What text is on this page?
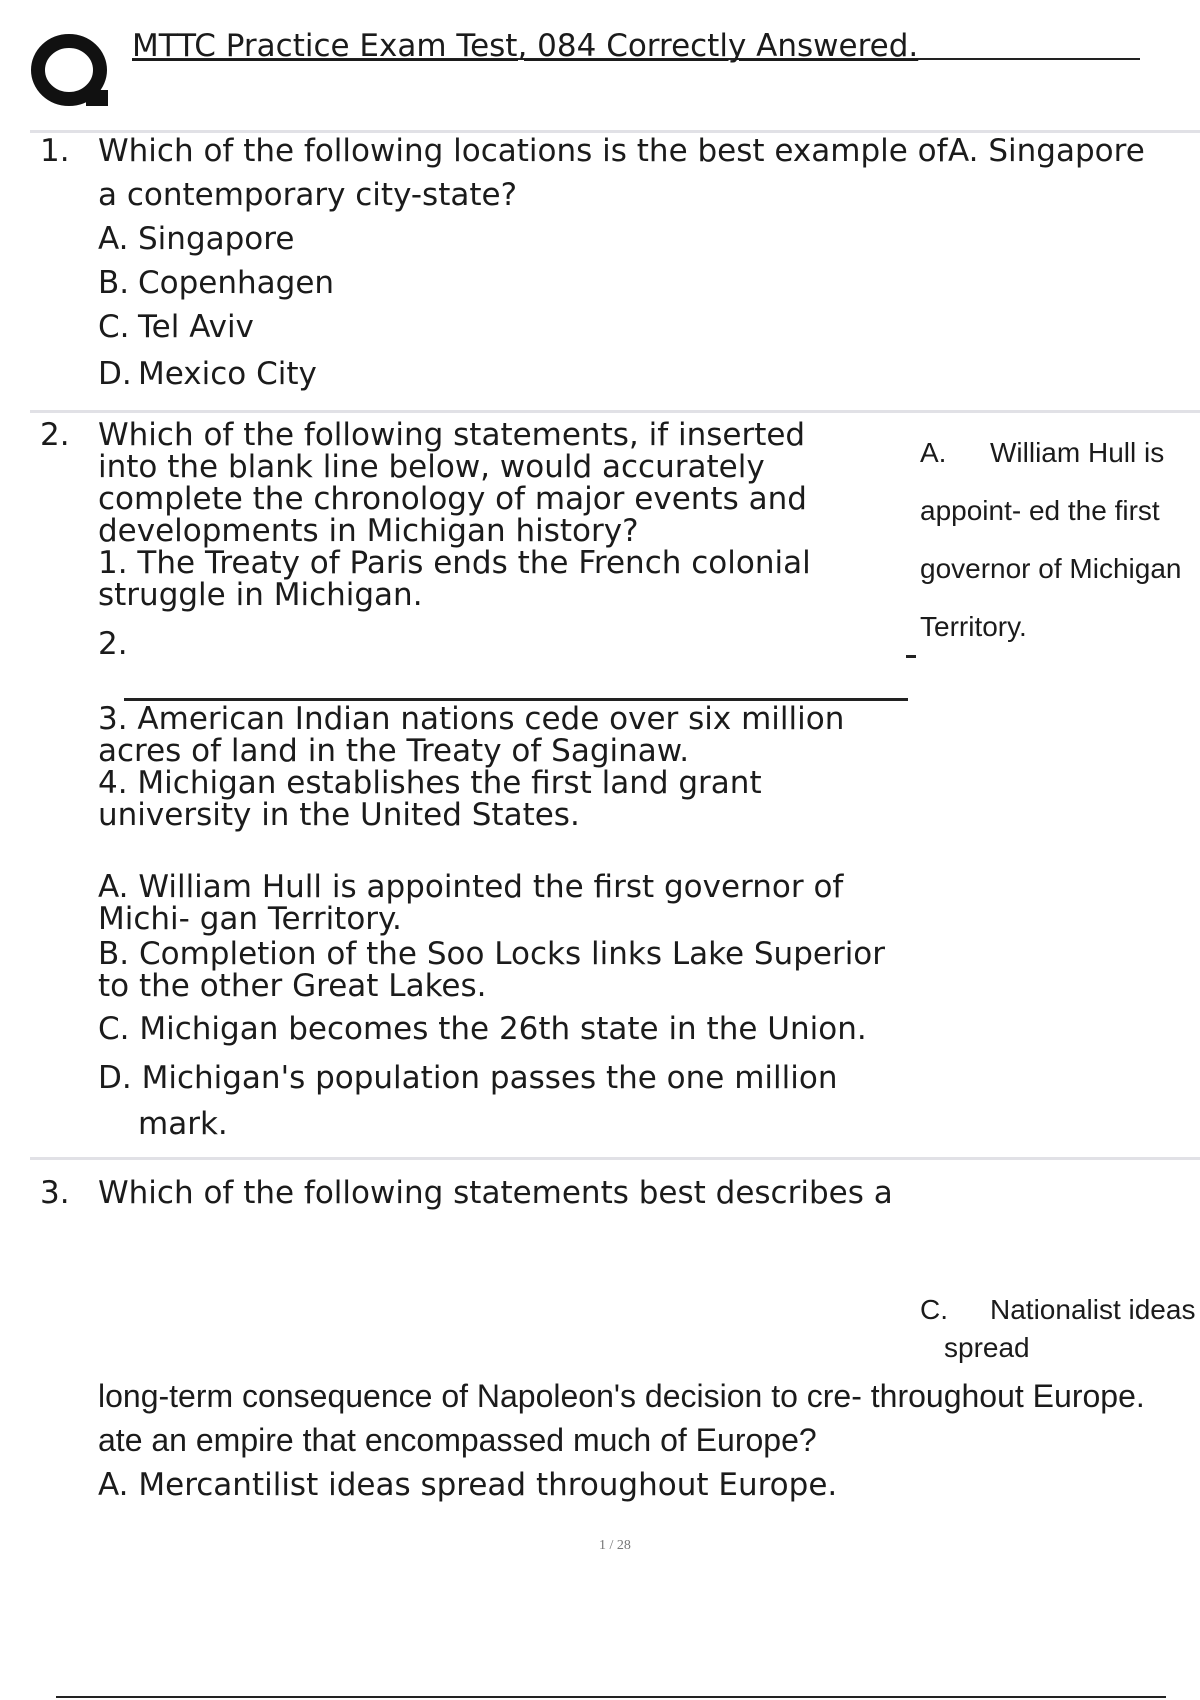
MTTC Practice Exam Test, 084 Correctly Answered.
1. Which of the following locations is the best example of
a contemporary city-state?
A. Singapore
A. Singapore
B. Copenhagen
C. Tel Aviv
D. Mexico City
2. Which of the following statements, if inserted
into the blank line below, would accurately
complete the chronology of major events and
developments in Michigan history?
1. The Treaty of Paris ends the French colonial
struggle in Michigan.
2.
3. American Indian nations cede over six million
acres of land in the Treaty of Saginaw.
4. Michigan establishes the first land grant
university in the United States.
A. William Hull is appointed the first governor of
Michi- gan Territory.
B. Completion of the Soo Locks links Lake Superior
to the other Great Lakes.
C. Michigan becomes the 26th state in the Union.
D. Michigan's population passes the one million
mark.
A. William Hull is
appoint- ed the first
governor of Michigan
Territory.
3. Which of the following statements best describes a
C. Nationalist ideas
spread
long-term consequence of Napoleon's decision to cre- throughout Europe.
ate an empire that encompassed much of Europe?
A. Mercantilist ideas spread throughout Europe.
1 / 28
